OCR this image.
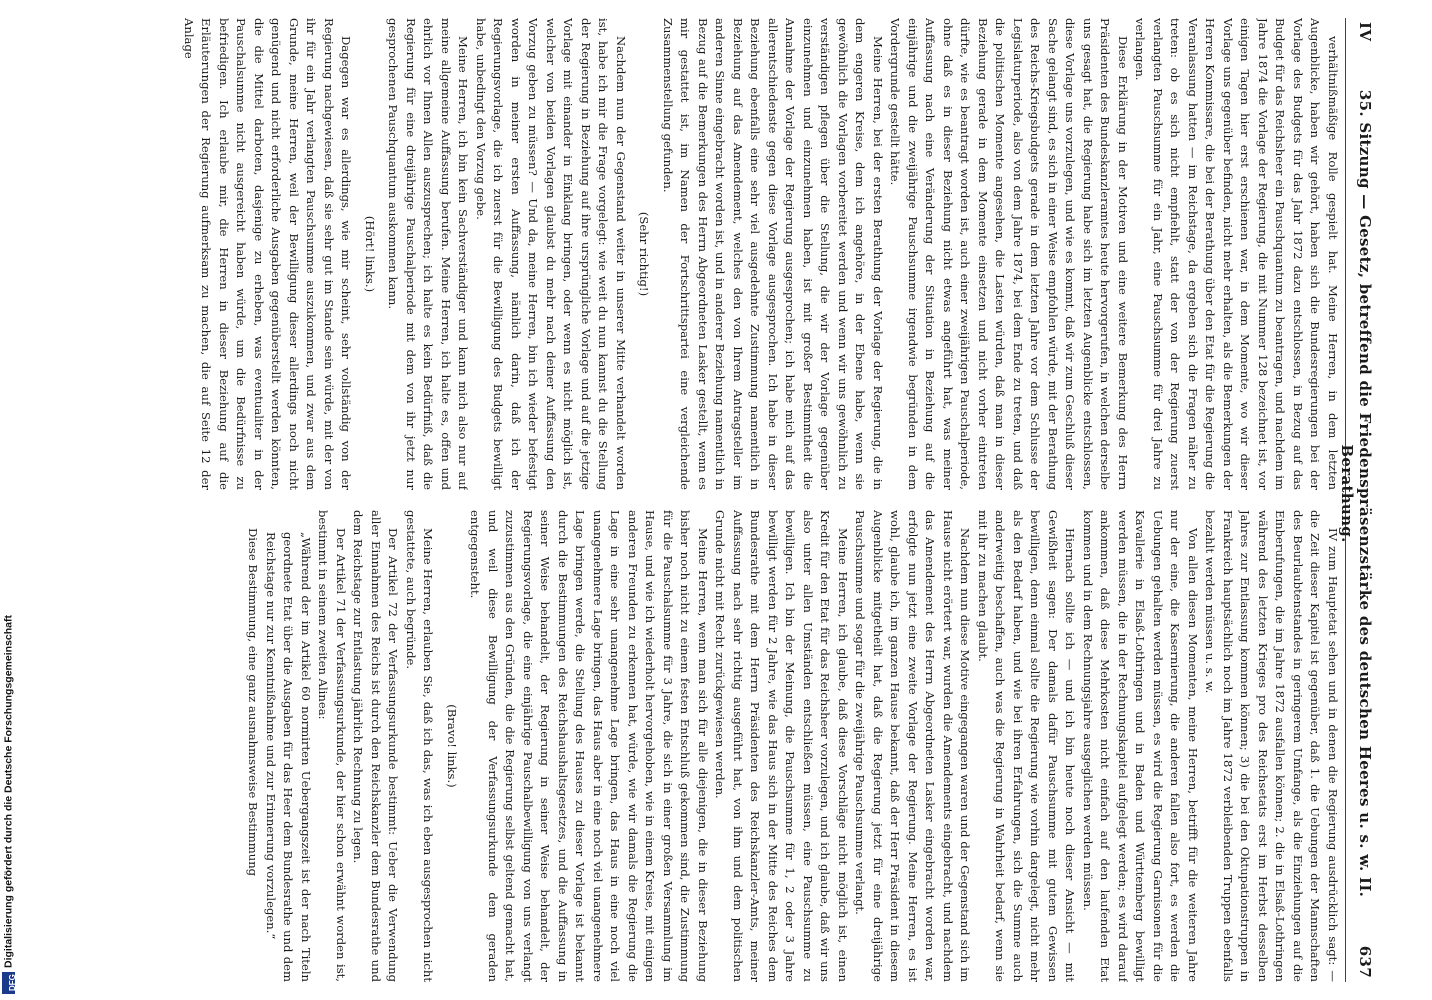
DFG
Digitalisierung gefördert durch die Deutsche Forschungsgemeinschaft
IV
35. Sitzung — Gesetz, betreffend die Friedenspräsenzstärke des deutschen Heeres u. s. w. II. Berathung.
637

verhältnißmäßige Rolle gespielt hat. Meine Herren, in dem letzten Augenblicke, haben wir gehört, haben sich die Bundesregierungen bei der Vorlage des Budgets für das Jahr 1872 dazu entschlossen, in Bezug auf das Budget für das Reichsheer ein Pauschquantum zu beantragen, und nachdem im Jahre 1874 die Vorlage der Regierung, die mit Nummer 128 bezeichnet ist, vor einigen Tagen hier erst erschienen war, in dem Momente, wo wir dieser Vorlage uns gegenüber befinden, nicht mehr erhalten, als die Bemerkungen der Herren Kommissare, die bei der Berathung über den Etat für die Regierung die Veranlassung hatten — im Reichstage, da ergeben sich die Fragen näher zu treten: ob es sich nicht empfiehlt, statt der von der Regierung zuerst verlangten Pauschsumme für ein Jahr, eine Pauschsumme für drei Jahre zu verlangen.

Diese Erklärung in der Motiven und eine weitere Bemerkung des Herrn Präsidenten des Bundeskanzleramtes heute hervorgerufen, in welchen derselbe uns gesagt hat, die Regierung habe sich im letzten Augenblicke entschlossen, diese Vorlage uns vorzulegen, und wie es kommt, daß wir zum Geschluß dieser Sache gelangt sind, es sich in einer Weise empfohlen würde, mit der Berathung des Reichs-Kriegsbudgets gerade in dem letzten Jahre vor dem Schlusse der Legislaturperiode, also von dem Jahre 1874, bei dem Ende zu treten, und daß die politischen Momente angesehen, die Lasten würden, daß man in dieser Beziehung gerade in dem Momente einsetzen und nicht vorher eintreten dürfte, wie es beantragt worden ist, auch einer zweijährigen Pauschalperiode, ohne daß es in dieser Beziehung nicht etwas angeführt hat, was meiner Auffassung nach eine Veränderung der Situation in Beziehung auf die einjährige und die zweijährige Pauschsumme irgendwie begründen in dem Vordergrunde gestellt hätte.

Meine Herren, bei der ersten Berathung der Vorlage der Regierung, die in dem engeren Kreise, dem ich angehöre, in der Ebene habe, wenn sie gewöhnlich die Vorlagen vorbereitet werden und wenn wir uns gewöhnlich zu verständigen pflegen über die Stellung, die wir der Vorlage gegenüber einzunehmen und einzunehmen haben, ist mit großer Bestimmtheit die Annahme der Vorlage der Regierung ausgesprochen; ich habe mich auf das allerentschiedenste gegen diese Vorlage ausgesprochen. Ich habe in dieser Beziehung ebenfalls eine sehr viel ausgedehnte Zustimmung namentlich in Beziehung auf das Amendement, welches den von Ihrem Antragsteller im anderen Sinne eingebracht worden ist, und in anderer Beziehung namentlich in Bezug auf die Bemerkungen des Herrn Abgeordneten Lasker gestellt, wenn es mir gestattet ist, im Namen der Fortschrittspartei eine vergleichende Zusammenstellung gefunden.

(Sehr richtig!)

Nachdem nun der Gegenstand weiter in unserer Mitte verhandelt worden ist, habe ich mir die Frage vorgelegt: wie weit du nun kannst du die Stellung der Regierung in Beziehung auf ihre ursprüngliche Vorlage und auf die jetzige Vorlage mit einander in Einklang bringen, oder wenn es nicht möglich ist, welcher von beiden Vorlagen glaubst du mehr nach deiner Auffassung den Vorzug geben zu müssen? — Und da, meine Herren, bin ich wieder befestigt worden in meiner ersten Auffassung, nämlich darin, daß ich der Regierungsvorlage, die ich zuerst für die Bewilligung des Budgets bewilligt habe, unbedingt den Vorzug gebe.

Meine Herren, ich bin kein Sachverständiger und kann mich also nur auf meine allgemeine Auffassung berufen. Meine Herren, ich halte es, offen und ehrlich vor Ihnen Allen auszusprechen; ich halte es kein Bedürfniß, daß die Regierung für eine dreijährige Pauschalperiode mit dem von ihr jetzt nur gesprochenen Pauschquantum auskommen kann.

(Hört! links.)

Dagegen war es allerdings, wie mir scheint, sehr vollständig von der Regierung nachgewiesen, daß sie sehr gut im Stande sein würde, mit der von ihr für ein Jahr verlangten Pauschsumme auszukommen, und zwar aus dem Grunde, meine Herren, weil der Bewilligung dieser allerdings noch nicht genügend und nicht erforderliche Ausgaben gegenüberstellt werden könnten, die die Mittel darboten, dasjenige zu erheben, was eventualiter in der Pauschalsumme nicht ausgereicht haben würde, um die Bedürfnisse zu befriedigen. Ich erlaube mir, die Herren in dieser Beziehung auf die Erläuterungen der Regierung aufmerksam zu machen, die auf Seite 12 der Anlage

IV zum Hauptetat sehen und in denen die Regierung ausdrücklich sagt: — die Zeit dieser Kapitel ist gegenüber, daß 1. die Uebungen der Mannschaften des Beurlaubtenstandes in geringerem Umfange, als die Einziehungen auf die Einberufungen, die im Jahre 1872 ausfallen können; 2. die in Elsaß-Lothringen während des letzten Krieges pro des Reichsetats erst im Herbst desselben Jahres zur Entlassung kommen können; 3) die bei den Oktupationstruppen in Frankreich hauptsächlich noch im Jahre 1872 verbleibenden Truppen ebenfalls bezahlt werden müssen u. s. w.

Von allen diesen Momenten, meine Herren, betrifft für die weiteren Jahre nur der eine, die Kasernierung, die anderen fallen also fort, es werden die Uebungen gehalten werden müssen, es wird die Regierung Garnisonen für die Kavallerie in Elsaß-Lothringen und in Baden und Württemberg bewilligt werden müssen, die in der Rechnungskapitel aufgelegt werden; es wird darauf ankommen, daß diese Mehrkosten nicht einfach auf den laufenden Etat kommen und in dem Rechnungsjahre ausgeglichen werden müssen.

Hiernach sollte ich — und ich bin heute noch dieser Ansicht — mit Gewißheit sagen: Der damals dafür Pauschsumme mit gutem Gewissen bewilligen, denn einmal sollte die Regierung wie vorhin dargelegt, nicht mehr als den Bedarf haben, und wie bei ihren Erfahrungen, sich die Summe auch anderweitig beschaffen, auch was die Regierung in Wahrheit bedarf, wenn sie mit ihr zu machen glaubt.

Nachdem nun diese Motive eingegangen waren und der Gegenstand sich im Hause nicht erörtert war, wurden die Amendements eingebracht, und nachdem das Amendement des Herrn Abgeordneten Lasker eingebracht worden war, erfolgte nun jetzt eine zweite Vorlage der Regierung. Meine Herren, es ist wohl, glaube ich, im ganzen Hause bekannt, daß der Herr Präsident in diesem Augenblicke mitgetheilt hat, daß die Regierung jetzt für eine dreijährige Pauschsumme und sogar für die zweijährige Pauschsumme verlangt.

Meine Herren, ich glaube, daß diese Vorschläge nicht möglich ist, einen Kredit für den Etat für das Reichsheer vorzulegen, und ich glaube, daß wir uns also unter allen Umständen entschließen müssen, eine Pauschsumme zu bewilligen. Ich bin der Meinung, die Pauschsumme für 1, 2 oder 3 Jahre bewilligt werden für 2 Jahre, wie das Haus sich in der Mitte des Reiches dem Bundesrathe mit dem Herrn Präsidenten des Reichskanzler-Amts, meiner Auffassung nach sehr richtig ausgeführt hat, von ihm und dem politischen Grunde nicht mit Recht zurückgewiesen werden.

Meine Herren, wenn man sich für alle diejenigen, die in dieser Beziehung bisher noch nicht zu einem festen Entschluß gekommen sind, die Zustimmung für die Pauschalsumme für 3 Jahre, die sich in einer großen Versammlung im Hause, und wie ich wiederholt hervorgehoben, wie in einem Kreise, mit einigen anderen Freunden zu erkennen hat, würde, wie wir damals die Regierung die Lage in eine sehr unangenehme Lage bringen, das Haus in eine noch viel unangenehmere Lage bringen, das Haus aber in eine noch viel unangenehmere Lage bringen werde, die Stellung des Hauses zu dieser Vorlage ist bekannt durch die Bestimmungen des Reichshaushaltsgesetzes, und die Auffassung in seiner Weise behandelt, der Regierung in seiner Weise behandelt, der Regierungsvorlage, die eine einjährige Pauschalbewilligung von uns verlangt zuzustimmen aus den Gründen, die die Regierung selbst geltend gemacht hat, und weil diese Bewilligung der Verfassungsurkunde dem geraden entgegensteht.

(Bravo! links.)

Meine Herren, erlauben Sie, daß ich das, was ich eben ausgesprochen nicht gestattete, auch begründe.

Der Artikel 72 der Verfassungsurkunde bestimmt: Ueber die Verwendung aller Einnahmen des Reichs ist durch den Reichskanzler dem Bundesrathe und dem Reichstage zur Entlastung jährlich Rechnung zu legen.

Der Artikel 71 der Verfassungsurkunde, der hier schon erwähnt worden ist, bestimmt in seinem zweiten Alinea:

„Während der im Artikel 60 normirten Uebergangszeit ist der nach Titeln geordnete Etat über die Ausgaben für das Heer dem Bundesrathe und dem Reichstage nur zur Kenntnißnahme und zur Erinnerung vorzulegen.“

Diese Bestimmung, eine ganz ausnahmsweise Bestimmung
